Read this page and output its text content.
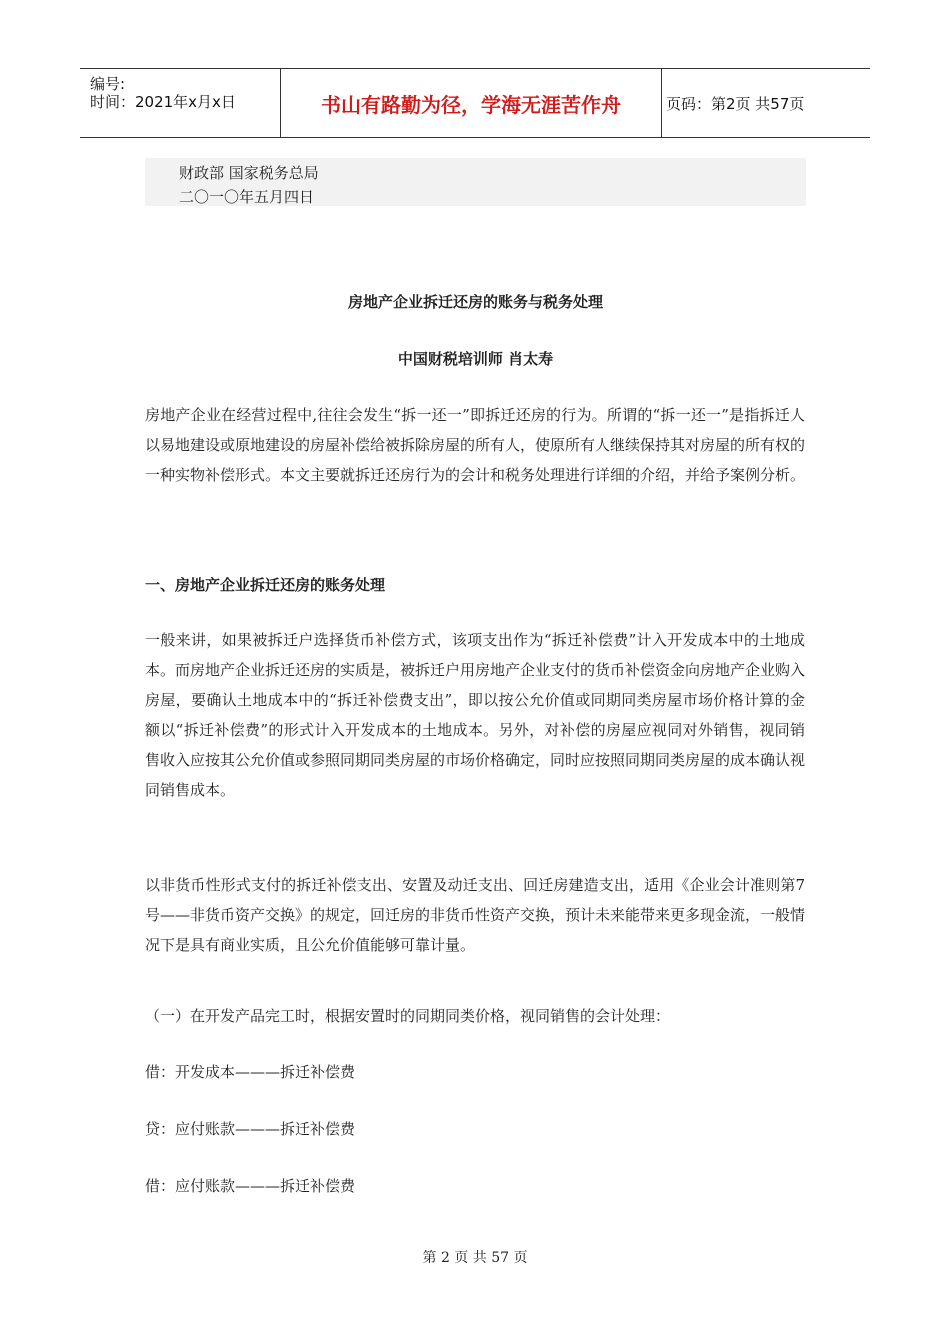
编号:
时间：2021年x月x日	书山有路勤为径，学海无涯苦作舟	页码：第2页 共57页
财政部 国家税务总局
二〇一〇年五月四日
房地产企业拆迁还房的账务与税务处理
中国财税培训师 肖太寿
房地产企业在经营过程中,往往会发生“拆一还一”即拆迁还房的行为。所谓的“拆一还一”是指拆迁人以易地建设或原地建设的房屋补偿给被拆除房屋的所有人，使原所有人继续保持其对房屋的所有权的一种实物补偿形式。本文主要就拆迁还房行为的会计和税务处理进行详细的介绍，并给予案例分析。
一、房地产企业拆迁还房的账务处理
一般来讲，如果被拆迁户选择货币补偿方式，该项支出作为“拆迁补偿费”计入开发成本中的土地成本。而房地产企业拆迁还房的实质是，被拆迁户用房地产企业支付的货币补偿资金向房地产企业购入房屋，要确认土地成本中的“拆迁补偿费支出”，即以按公允价值或同期同类房屋市场价格计算的金额以“拆迁补偿费”的形式计入开发成本的土地成本。另外，对补偿的房屋应视同对外销售，视同销售收入应按其公允价值或参照同期同类房屋的市场价格确定，同时应按照同期同类房屋的成本确认视同销售成本。
以非货币性形式支付的拆迁补偿支出、安置及动迁支出、回迁房建造支出，适用《企业会计准则第7号——非货币资产交换》的规定，回迁房的非货币性资产交换，预计未来能带来更多现金流，一般情况下是具有商业实质，且公允价值能够可靠计量。
（一）在开发产品完工时，根据安置时的同期同类价格，视同销售的会计处理：
借：开发成本———拆迁补偿费
贷：应付账款———拆迁补偿费
借：应付账款———拆迁补偿费
第 2 页 共 57 页
